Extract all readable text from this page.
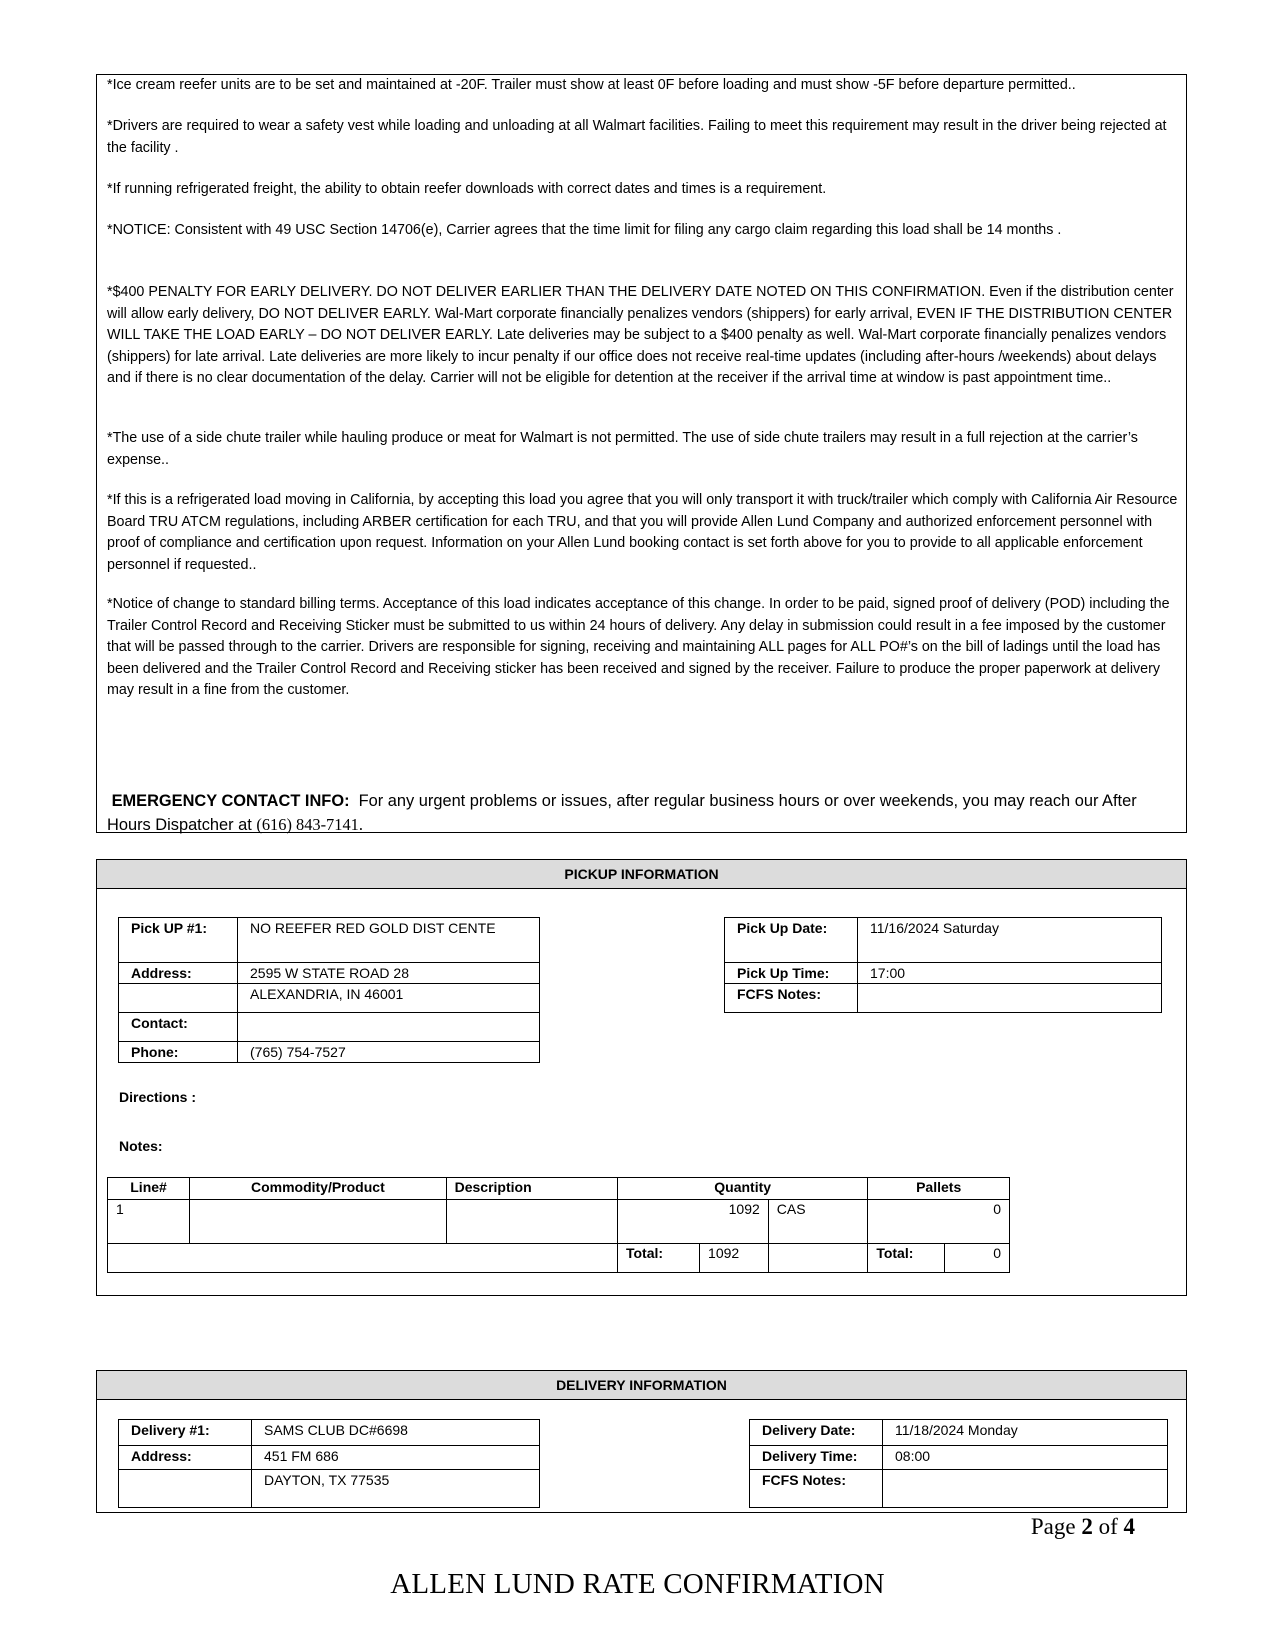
*Ice cream reefer units are to be set and maintained at -20F. Trailer must show at least 0F before loading and must show -5F before departure permitted..
*Drivers are required to wear a safety vest while loading and unloading at all Walmart facilities. Failing to meet this requirement may result in the driver being rejected at the facility .
*If running refrigerated freight, the ability to obtain reefer downloads with correct dates and times is a requirement.
*NOTICE: Consistent with 49 USC Section 14706(e), Carrier agrees that the time limit for filing any cargo claim regarding this load shall be 14 months .
*$400 PENALTY FOR EARLY DELIVERY. DO NOT DELIVER EARLIER THAN THE DELIVERY DATE NOTED ON THIS CONFIRMATION. Even if the distribution center will allow early delivery, DO NOT DELIVER EARLY. Wal-Mart corporate financially penalizes vendors (shippers) for early arrival, EVEN IF THE DISTRIBUTION CENTER WILL TAKE THE LOAD EARLY – DO NOT DELIVER EARLY. Late deliveries may be subject to a $400 penalty as well. Wal-Mart corporate financially penalizes vendors (shippers) for late arrival. Late deliveries are more likely to incur penalty if our office does not receive real-time updates (including after-hours /weekends) about delays and if there is no clear documentation of the delay. Carrier will not be eligible for detention at the receiver if the arrival time at window is past appointment time..
*The use of a side chute trailer while hauling produce or meat for Walmart is not permitted. The use of side chute trailers may result in a full rejection at the carrier’s expense..
*If this is a refrigerated load moving in California, by accepting this load you agree that you will only transport it with truck/trailer which comply with California Air Resource Board TRU ATCM regulations, including ARBER certification for each TRU, and that you will provide Allen Lund Company and authorized enforcement personnel with proof of compliance and certification upon request. Information on your Allen Lund booking contact is set forth above for you to provide to all applicable enforcement personnel if requested..
*Notice of change to standard billing terms. Acceptance of this load indicates acceptance of this change. In order to be paid, signed proof of delivery (POD) including the Trailer Control Record and Receiving Sticker must be submitted to us within 24 hours of delivery. Any delay in submission could result in a fee imposed by the customer that will be passed through to the carrier. Drivers are responsible for signing, receiving and maintaining ALL pages for ALL PO#’s on the bill of ladings until the load has been delivered and the Trailer Control Record and Receiving sticker has been received and signed by the receiver. Failure to produce the proper paperwork at delivery may result in a fine from the customer.
EMERGENCY CONTACT INFO: For any urgent problems or issues, after regular business hours or over weekends, you may reach our After Hours Dispatcher at (616) 843-7141.
PICKUP INFORMATION
Pick UP #1:	NO REEFER RED GOLD DIST CENTE
Address:	2595 W STATE ROAD 28
	ALEXANDRIA, IN 46001
Contact:	
Phone:	(765) 754-7527
Pick Up Date:	11/16/2024 Saturday
Pick Up Time:	17:00
FCFS Notes:	
Directions :
Notes:
Line#	Commodity/Product	Description	Quantity			Pallets	
1			1092		CAS	0	
			Total:	1092		Total:	0
DELIVERY INFORMATION
Delivery #1:	SAMS CLUB DC#6698
Address:	451 FM 686
	DAYTON, TX 77535
Delivery Date:	11/18/2024 Monday
Delivery Time:	08:00
FCFS Notes:	
Page 2 of 4
ALLEN LUND RATE CONFIRMATION
